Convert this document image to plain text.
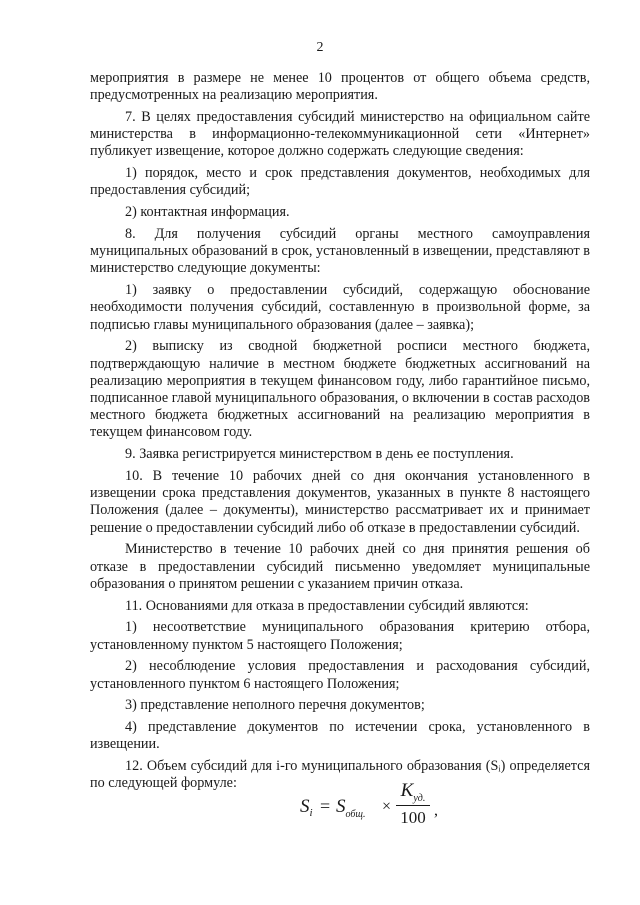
2

мероприятия в размере не менее 10 процентов от общего объема средств, предусмотренных на реализацию мероприятия.

7. В целях предоставления субсидий министерство на официальном сайте министерства в информационно-телекоммуникационной сети «Интернет» публикует извещение, которое должно содержать следующие сведения:

1) порядок, место и срок представления документов, необходимых для предоставления субсидий;

2) контактная информация.

8. Для получения субсидий органы местного самоуправления муниципальных образований в срок, установленный в извещении, представляют в министерство следующие документы:

1) заявку о предоставлении субсидий, содержащую обоснование необходимости получения субсидий, составленную в произвольной форме, за подписью главы муниципального образования (далее – заявка);

2) выписку из сводной бюджетной росписи местного бюджета, подтверждающую наличие в местном бюджете бюджетных ассигнований на реализацию мероприятия в текущем финансовом году, либо гарантийное письмо, подписанное главой муниципального образования, о включении в состав расходов местного бюджета бюджетных ассигнований на реализацию мероприятия в текущем финансовом году.

9. Заявка регистрируется министерством в день ее поступления.

10. В течение 10 рабочих дней со дня окончания установленного в извещении срока представления документов, указанных в пункте 8 настоящего Положения (далее – документы), министерство рассматривает их и принимает решение о предоставлении субсидий либо об отказе в предоставлении субсидий.

Министерство в течение 10 рабочих дней со дня принятия решения об отказе в предоставлении субсидий письменно уведомляет муниципальные образования о принятом решении с указанием причин отказа.

11. Основаниями для отказа в предоставлении субсидий являются:

1) несоответствие муниципального образования критерию отбора, установленному пунктом 5 настоящего Положения;

2) несоблюдение условия предоставления и расходования субсидий, установленного пунктом 6 настоящего Положения;

3) представление неполного перечня документов;

4) представление документов по истечении срока, установленного в извещении.

12. Объем субсидий для i-го муниципального образования (Sᵢ) определяется по следующей формуле:

$S_i = S_{общ.}$ ×
$K_{уд.}$
100 ,
